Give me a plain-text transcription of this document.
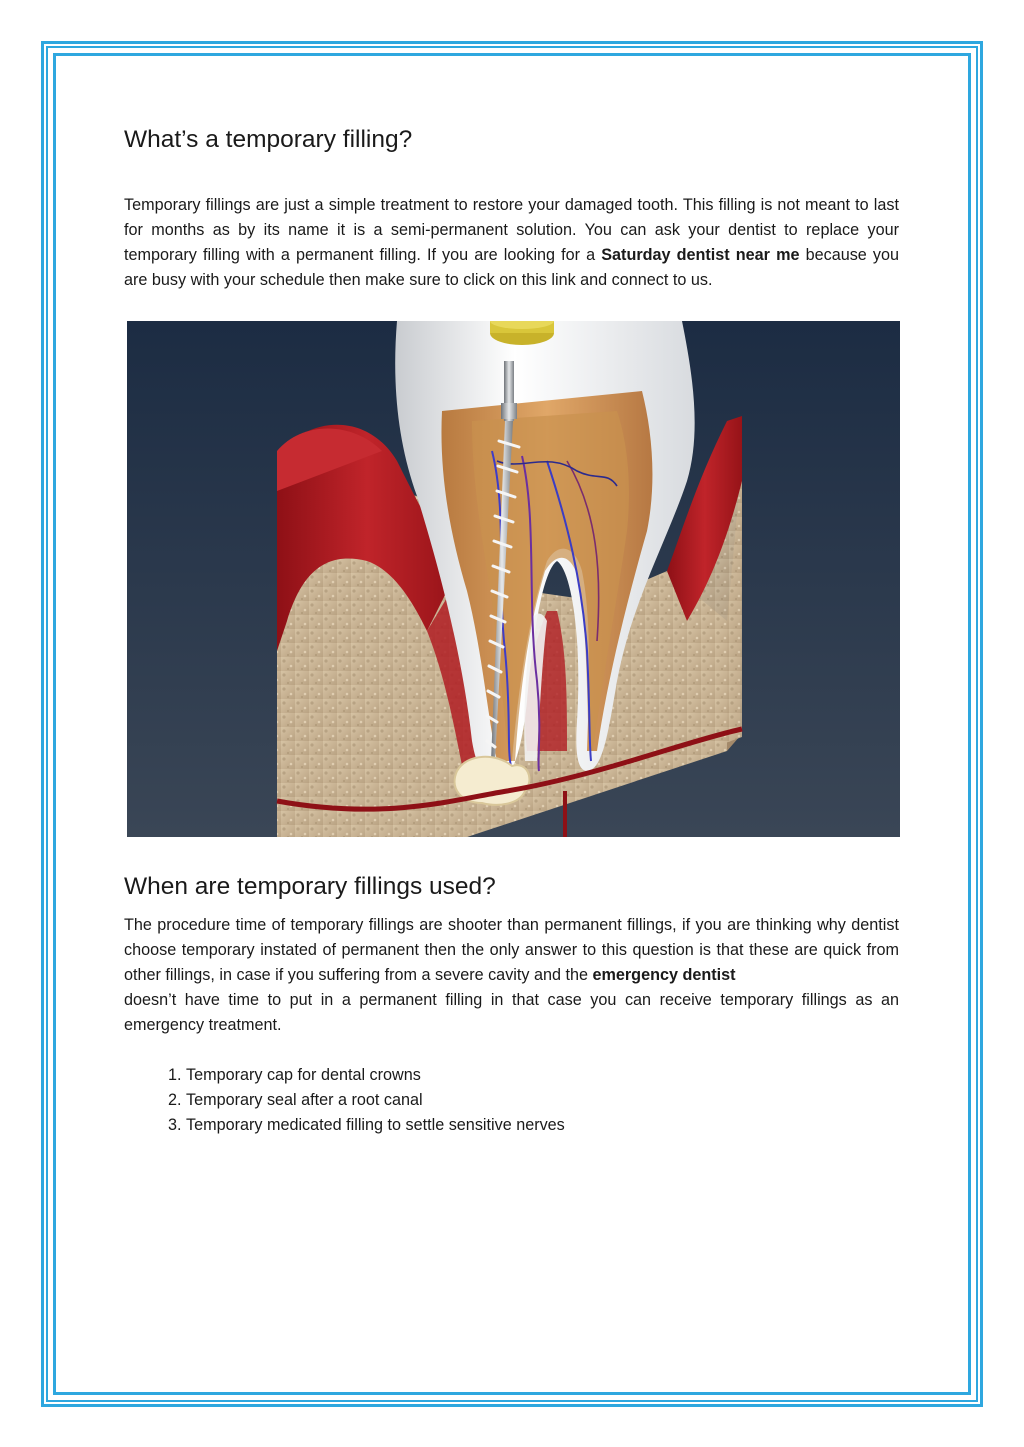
What’s a temporary filling?

Temporary fillings are just a simple treatment to restore your damaged tooth. This filling is not meant to last for months as by its name it is a semi-permanent solution. You can ask your dentist to replace your temporary filling with a permanent filling. If you are looking for a Saturday dentist near me because you are busy with your schedule then make sure to click on this link and connect to us.

When are temporary fillings used?

The procedure time of temporary fillings are shooter than permanent fillings, if you are thinking why dentist choose temporary instated of permanent then the only answer to this question is that these are quick from other fillings, in case if you suffering from a severe cavity and the emergency dentist
doesn’t have time to put in a permanent filling in that case you can receive temporary fillings as an emergency treatment.

1. Temporary cap for dental crowns
2. Temporary seal after a root canal
3. Temporary medicated filling to settle sensitive nerves
